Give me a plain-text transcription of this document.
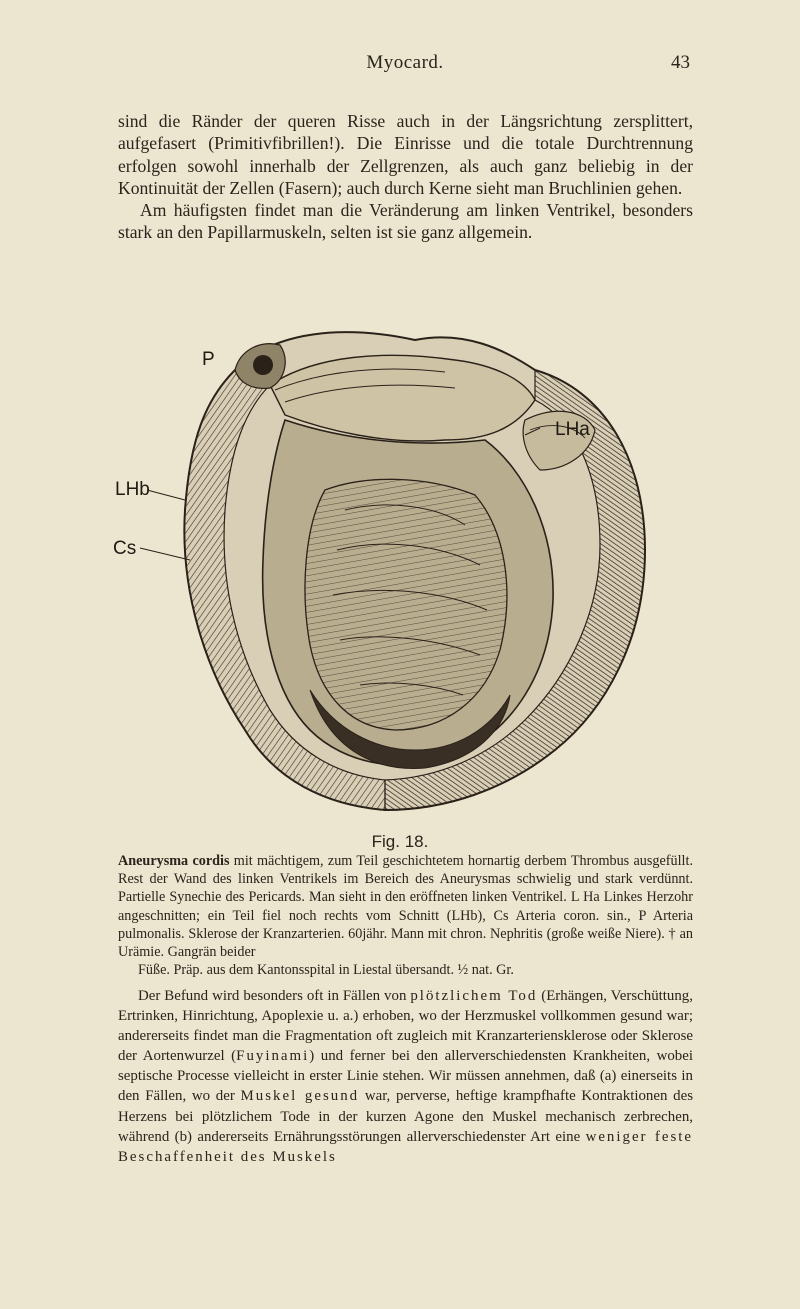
Myocard.	43

sind die Ränder der queren Risse auch in der Längsrichtung zersplittert, aufgefasert (Primitivfibrillen!). Die Einrisse und die totale Durchtrennung erfolgen sowohl innerhalb der Zellgrenzen, als auch ganz beliebig in der Kontinuität der Zellen (Fasern); auch durch Kerne sieht man Bruchlinien gehen.

Am häufigsten findet man die Veränderung am linken Ventrikel, besonders stark an den Papillarmuskeln, selten ist sie ganz allgemein.

P
LHa
LHb
Cs
Fig. 18.

Aneurysma cordis mit mächtigem, zum Teil geschichtetem hornartig derbem Thrombus ausgefüllt. Rest der Wand des linken Ventrikels im Bereich des Aneurysmas schwielig und stark verdünnt. Partielle Synechie des Pericards. Man sieht in den eröffneten linken Ventrikel. L Ha Linkes Herzohr angeschnitten; ein Teil fiel noch rechts vom Schnitt (LHb), Cs Arteria coron. sin., P Arteria pulmonalis. Sklerose der Kranzarterien. 60jähr. Mann mit chron. Nephritis (große weiße Niere). † an Urämie. Gangrän beider
Füße. Präp. aus dem Kantonsspital in Liestal übersandt. ½ nat. Gr.

Der Befund wird besonders oft in Fällen von plötzlichem Tod (Erhängen, Verschüttung, Ertrinken, Hinrichtung, Apoplexie u. a.) erhoben, wo der Herzmuskel vollkommen gesund war; andererseits findet man die Fragmentation oft zugleich mit Kranzarteriensklerose oder Sklerose der Aortenwurzel (Fuyinami) und ferner bei den allerverschiedensten Krankheiten, wobei septische Processe vielleicht in erster Linie stehen. Wir müssen annehmen, daß (a) einerseits in den Fällen, wo der Muskel gesund war, perverse, heftige krampfhafte Kontraktionen des Herzens bei plötzlichem Tode in der kurzen Agone den Muskel mechanisch zerbrechen, während (b) andererseits Ernährungsstörungen allerverschiedenster Art eine weniger feste Beschaffenheit des Muskels
